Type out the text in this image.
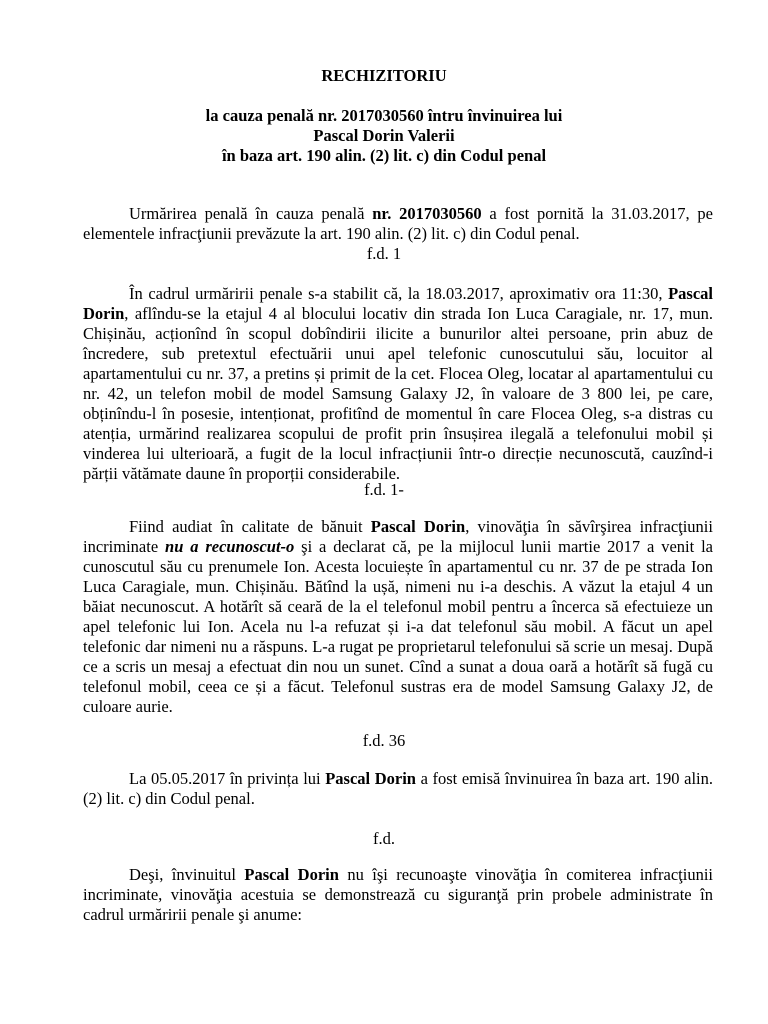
RECHIZITORIU
la cauza penală nr. 2017030560 întru învinuirea lui
Pascal Dorin Valerii
în baza art. 190 alin. (2) lit. c) din Codul penal

Urmărirea penală în cauza penală nr. 2017030560 a fost pornită la 31.03.2017, pe elementele infracţiunii prevăzute la art. 190 alin. (2) lit. c) din Codul penal.

f.d. 1

În cadrul urmăririi penale s-a stabilit că, la 18.03.2017, aproximativ ora 11:30, Pascal Dorin, aflîndu-se la etajul 4 al blocului locativ din strada Ion Luca Caragiale, nr. 17, mun. Chișinău, acționînd în scopul dobîndirii ilicite a bunurilor altei persoane, prin abuz de încredere, sub pretextul efectuării unui apel telefonic cunoscutului său, locuitor al apartamentului cu nr. 37, a pretins și primit de la cet. Flocea Oleg, locatar al apartamentului cu nr. 42, un telefon mobil de model Samsung Galaxy J2, în valoare de 3 800 lei, pe care, obținîndu-l în posesie, intenționat, profitînd de momentul în care Flocea Oleg, s-a distras cu atenția, urmărind realizarea scopului de profit prin însușirea ilegală a telefonului mobil și vinderea lui ulterioară, a fugit de la locul infracțiunii într-o direcție necunoscută, cauzînd-i părții vătămate daune în proporții considerabile.

f.d. 1-

Fiind audiat în calitate de bănuit Pascal Dorin, vinovăţia în săvîrşirea infracţiunii incriminate nu a recunoscut-o şi a declarat că, pe la mijlocul lunii martie 2017 a venit la cunoscutul său cu prenumele Ion. Acesta locuiește în apartamentul cu nr. 37 de pe strada Ion Luca Caragiale, mun. Chișinău. Bătînd la ușă, nimeni nu i-a deschis. A văzut la etajul 4 un băiat necunoscut. A hotărît să ceară de la el telefonul mobil pentru a încerca să efectuieze un apel telefonic lui Ion. Acela nu l-a refuzat și i-a dat telefonul său mobil. A făcut un apel telefonic dar nimeni nu a răspuns. L-a rugat pe proprietarul telefonului să scrie un mesaj. După ce a scris un mesaj a efectuat din nou un sunet. Cînd a sunat a doua oară a hotărît să fugă cu telefonul mobil, ceea ce și a făcut. Telefonul sustras era de model Samsung Galaxy J2, de culoare aurie.

f.d. 36

La 05.05.2017 în privința lui Pascal Dorin a fost emisă învinuirea în baza art. 190 alin. (2) lit. c) din Codul penal.

f.d.

Deşi, învinuitul Pascal Dorin nu îşi recunoaşte vinovăţia în comiterea infracţiunii incriminate, vinovăţia acestuia se demonstrează cu siguranţă prin probele administrate în cadrul urmăririi penale şi anume:
